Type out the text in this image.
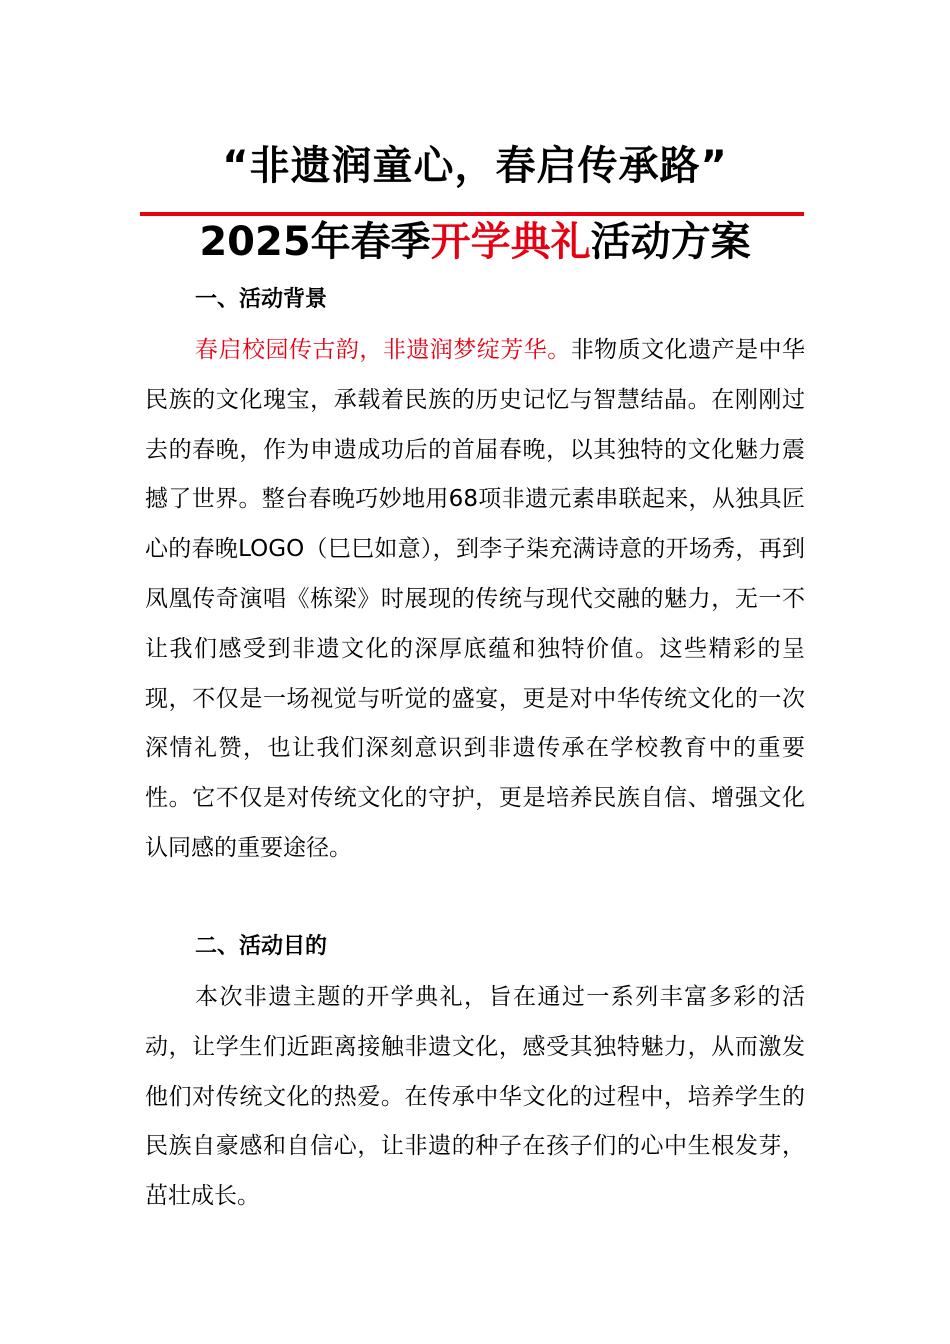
“非遗润童心，春启传承路”
2025年春季开学典礼活动方案
一、活动背景
春启校园传古韵，非遗润梦绽芳华。非物质文化遗产是中华民族的文化瑰宝，承载着民族的历史记忆与智慧结晶。在刚刚过去的春晚，作为申遗成功后的首届春晚，以其独特的文化魅力震撼了世界。整台春晚巧妙地用68项非遗元素串联起来，从独具匠心的春晚LOGO（巳巳如意），到李子柒充满诗意的开场秀，再到凤凰传奇演唱《栋梁》时展现的传统与现代交融的魅力，无一不让我们感受到非遗文化的深厚底蕴和独特价值。这些精彩的呈现，不仅是一场视觉与听觉的盛宴，更是对中华传统文化的一次深情礼赞，也让我们深刻意识到非遗传承在学校教育中的重要性。它不仅是对传统文化的守护，更是培养民族自信、增强文化认同感的重要途径。
二、活动目的
本次非遗主题的开学典礼，旨在通过一系列丰富多彩的活动，让学生们近距离接触非遗文化，感受其独特魅力，从而激发他们对传统文化的热爱。在传承中华文化的过程中，培养学生的民族自豪感和自信心，让非遗的种子在孩子们的心中生根发芽，茁壮成长。
